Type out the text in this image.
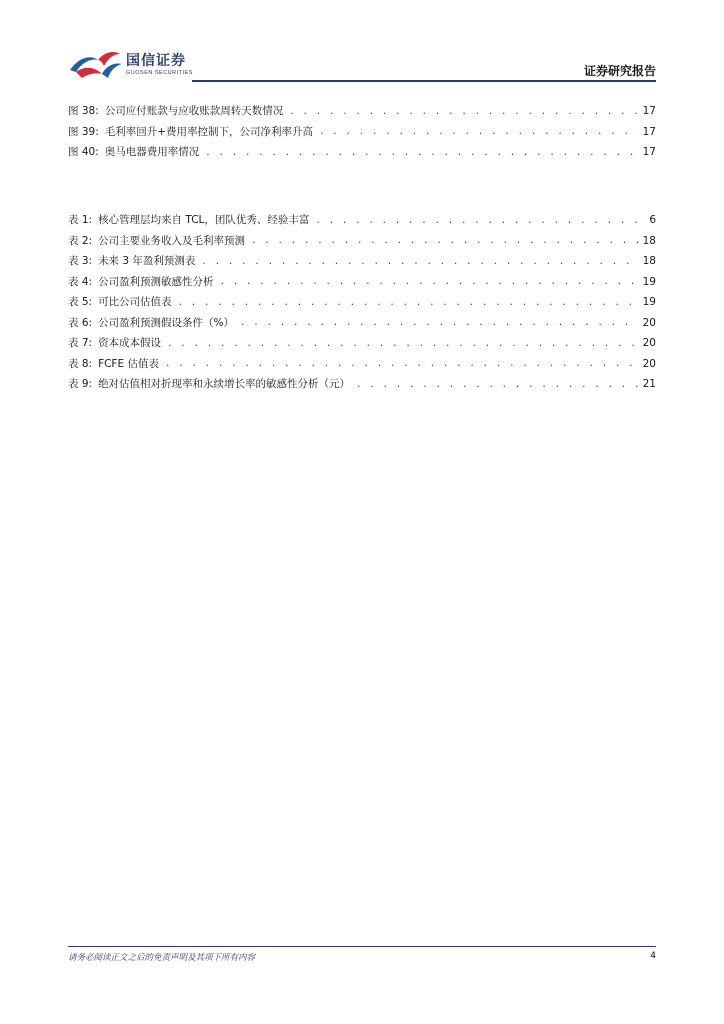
国信证券
GUOSEN SECURITIES	证券研究报告
图 38: 公司应付账款与应收账款周转天数情况 . . .	17
图 39: 毛利率回升+费用率控制下，公司净利率升高 . . .	17
图 40: 奥马电器费用率情况 . . .	17
表 1: 核心管理层均来自 TCL，团队优秀、经验丰富 . . .	6
表 2: 公司主要业务收入及毛利率预测 . . .	18
表 3: 未来 3 年盈利预测表 . . .	18
表 4: 公司盈利预测敏感性分析 . . .	19
表 5: 可比公司估值表 . . .	19
表 6: 公司盈利预测假设条件（%） . . .	20
表 7: 资本成本假设 . . .	20
表 8: FCFE 估值表 . . .	20
表 9: 绝对估值相对折现率和永续增长率的敏感性分析（元） . . .	21
请务必阅读正文之后的免责声明及其项下所有内容	4
